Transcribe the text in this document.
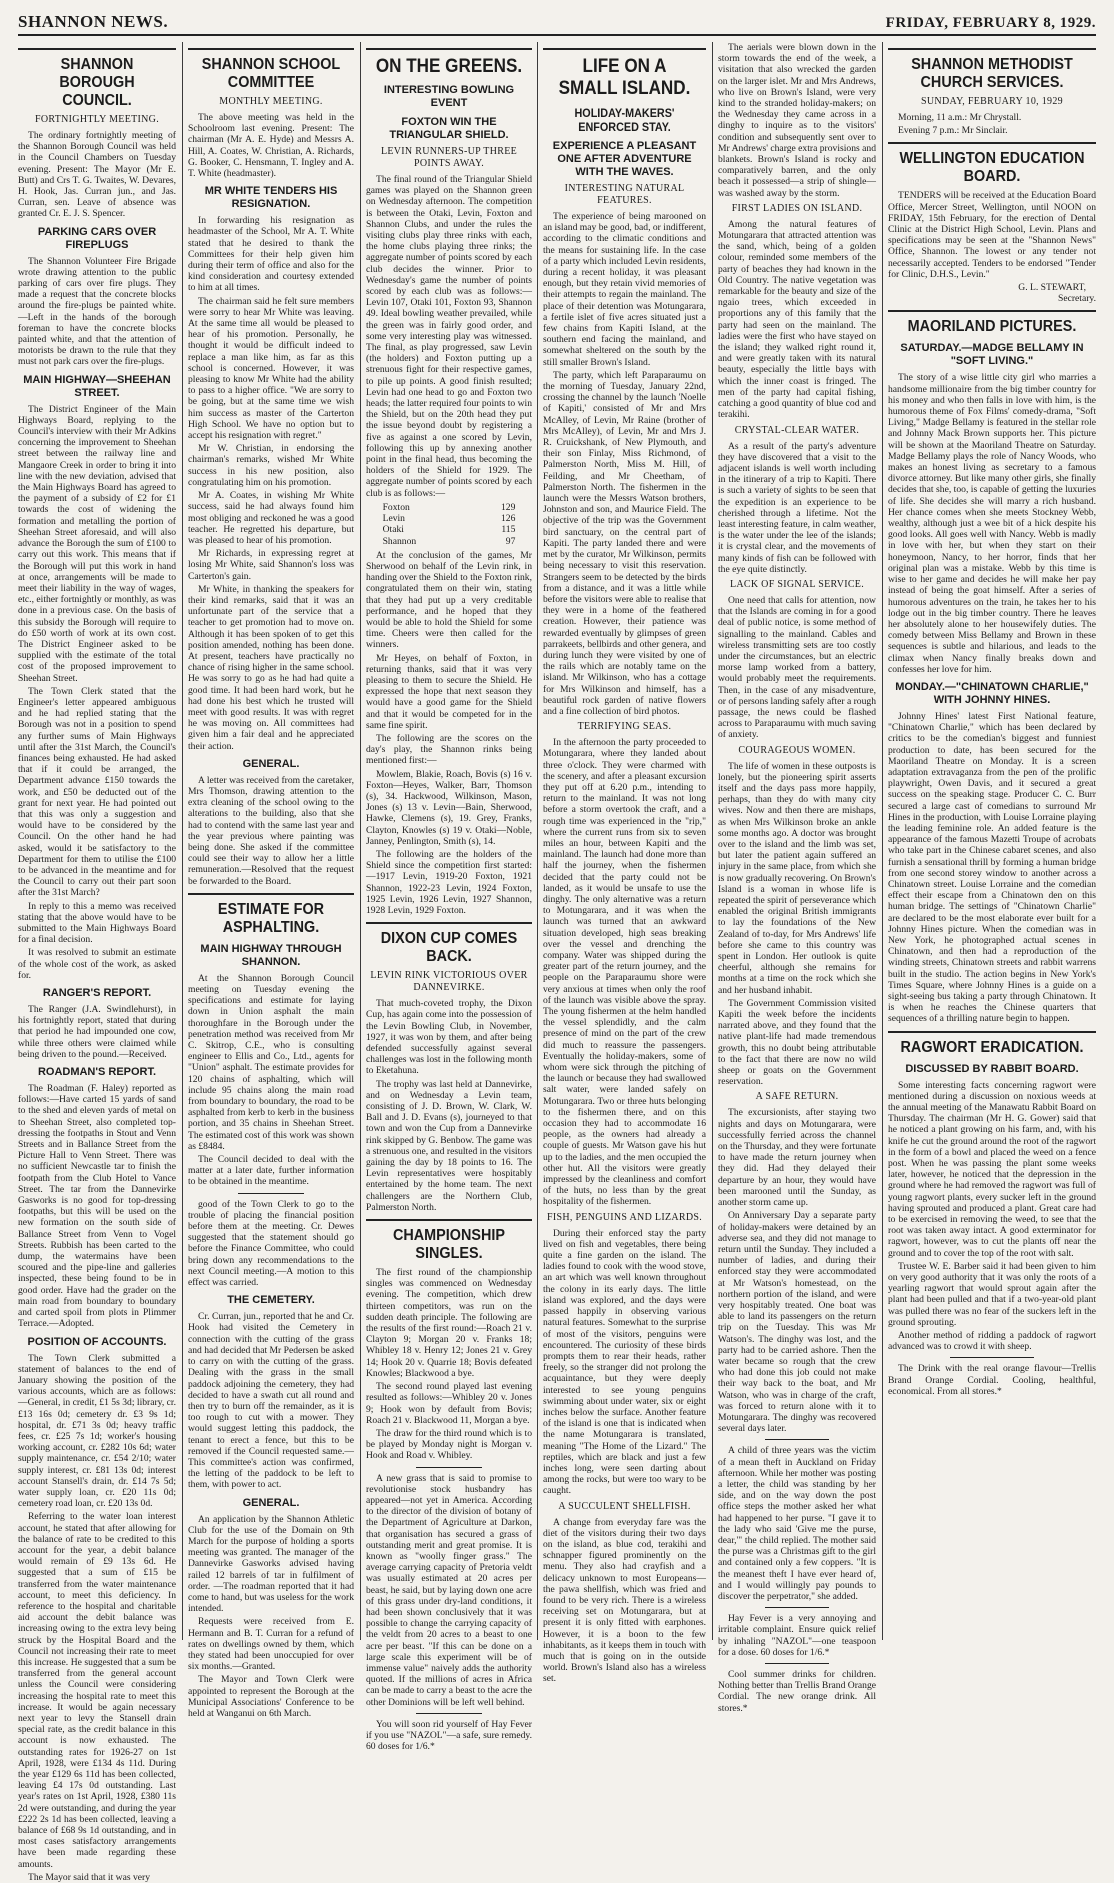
SHANNON NEWS.	FRIDAY, FEBRUARY 8, 1929.
SHANNON BOROUGH COUNCIL.
FORTNIGHTLY MEETING.

The ordinary fortnightly meeting of the Shannon Borough Council was held in the Council Chambers on Tuesday evening. Present: The Mayor (Mr E. Butt) and Crs T. G. Twaites, W. Devares, H. Hook, Jas. Curran jun., and Jas. Curran, sen. Leave of absence was granted Cr. E. J. S. Spencer.

PARKING CARS OVER FIREPLUGS

The Shannon Volunteer Fire Brigade wrote drawing attention to the public parking of cars over fire plugs. They made a request that the concrete blocks around the fire-plugs be painted white.—Left in the hands of the borough foreman to have the concrete blocks painted white, and that the attention of motorists be drawn to the rule that they must not park cars over the fire-plugs.

MAIN HIGHWAY—SHEEHAN STREET.

The District Engineer of the Main Highways Board, replying to the Council's interview with their Mr Adkins concerning the improvement to Sheehan street between the railway line and Mangaore Creek in order to bring it into line with the new deviation, advised that the Main Highways Board has agreed to the payment of a subsidy of £2 for £1 towards the cost of widening the formation and metalling the portion of Sheehan Street aforesaid, and will also advance the Borough the sum of £100 to carry out this work. This means that if the Borough will put this work in hand at once, arrangements will be made to meet their liability in the way of wages, etc., either fortnightly or monthly, as was done in a previous case. On the basis of this subsidy the Borough will require to do £50 worth of work at its own cost. The District Engineer asked to be supplied with the estimate of the total cost of the proposed improvement to Sheehan Street.

The Town Clerk stated that the Engineer's letter appeared ambiguous and he had replied stating that the Borough was not in a position to spend any further sums of Main Highways until after the 31st March, the Council's finances being exhausted. He had asked that if it could be arranged, the Department advance £150 towards the work, and £50 be deducted out of the grant for next year. He had pointed out that this was only a suggestion and would have to be considered by the Council. On the other hand he had asked, would it be satisfactory to the Department for them to utilise the £100 to be advanced in the meantime and for the Council to carry out their part soon after the 31st March?

In reply to this a memo was received stating that the above would have to be submitted to the Main Highways Board for a final decision.

It was resolved to submit an estimate of the whole cost of the work, as asked for.

RANGER'S REPORT.

The Ranger (J.A. Swindlehurst), in his fortnightly report, stated that during that period he had impounded one cow, while three others were claimed while being driven to the pound.—Received.

ROADMAN'S REPORT.

The Roadman (F. Haley) reported as follows:—Have carted 15 yards of sand to the shed and eleven yards of metal on to Sheehan Street, also completed top-dressing the footpaths in Stout and Venn Streets and in Ballance Street from the Picture Hall to Venn Street. There was no sufficient Newcastle tar to finish the footpath from the Club Hotel to Vance Street. The tar from the Dannevirke Gasworks is no good for top-dressing footpaths, but this will be used on the new formation on the south side of Ballance Street from Venn to Vogel Streets. Rubbish has been carted to the dump, the watermains have been scoured and the pipe-line and galleries inspected, these being found to be in good order. Have had the grader on the main road from boundary to boundary and carted spoil from plots in Plimmer Terrace.—Adopted.

POSITION OF ACCOUNTS.

The Town Clerk submitted a statement of balances to the end of January showing the position of the various accounts, which are as follows:—General, in credit, £1 5s 3d; library, cr. £13 16s 0d; cemetery dr. £3 9s 1d; hospital, dr. £71 3s 0d; heavy traffic fees, cr. £25 7s 1d; worker's housing working account, cr. £282 10s 6d; water supply maintenance, cr. £54 2/10; water supply interest, cr. £81 13s 0d; interest account Stansell's drain, dr. £14 7s 5d; water supply loan, cr. £20 11s 0d; cemetery road loan, cr. £20 13s 0d.

Referring to the water loan interest account, he stated that after allowing for the balance of rate to be credited to this account for the year, a debit balance would remain of £9 13s 6d. He suggested that a sum of £15 be transferred from the water maintenance account, to meet this deficiency. In reference to the hospital and charitable aid account the debit balance was increasing owing to the extra levy being struck by the Hospital Board and the Council not increasing their rate to meet this increase. He suggested that a sum be transferred from the general account unless the Council were considering increasing the hospital rate to meet this increase. It would be again necessary next year to levy the Stansell drain special rate, as the credit balance in this account is now exhausted. The outstanding rates for 1926-27 on 1st April, 1928, were £134 4s 11d. During the year £129 6s 11d has been collected, leaving £4 17s 0d outstanding. Last year's rates on 1st April, 1928, £380 11s 2d were outstanding, and during the year £222 2s 1d has been collected, leaving a balance of £68 9s 1d outstanding, and in most cases satisfactory arrangements have been made regarding these amounts.

The Mayor said that it was very

SHANNON SCHOOL COMMITTEE
MONTHLY MEETING.

The above meeting was held in the Schoolroom last evening. Present: The chairman (Mr A. E. Hyde) and Messrs A. Hill, A. Coates, W. Christian, A. Richards, G. Booker, C. Hensmann, T. Ingley and A. T. White (headmaster).

MR WHITE TENDERS HIS RESIGNATION.

In forwarding his resignation as headmaster of the School, Mr A. T. White stated that he desired to thank the Committees for their help given him during their term of office and also for the kind consideration and courtesy extended to him at all times.

The chairman said he felt sure members were sorry to hear Mr White was leaving. At the same time all would be pleased to hear of his promotion. Personally, he thought it would be difficult indeed to replace a man like him, as far as this school is concerned. However, it was pleasing to know Mr White had the ability to pass to a higher office. "We are sorry to be going, but at the same time we wish him success as master of the Carterton High School. We have no option but to accept his resignation with regret."

Mr W. Christian, in endorsing the chairman's remarks, wished Mr White success in his new position, also congratulating him on his promotion.

Mr A. Coates, in wishing Mr White success, said he had always found him most obliging and reckoned he was a good teacher. He regretted his departure, but was pleased to hear of his promotion.

Mr Richards, in expressing regret at losing Mr White, said Shannon's loss was Carterton's gain.

Mr White, in thanking the speakers for their kind remarks, said that it was an unfortunate part of the service that a teacher to get promotion had to move on. Although it has been spoken of to get this position amended, nothing has been done. At present, teachers have practically no chance of rising higher in the same school. He was sorry to go as he had had quite a good time. It had been hard work, but he had done his best which he trusted will meet with good results. It was with regret he was moving on. All committees had given him a fair deal and he appreciated their action.

GENERAL.

A letter was received from the caretaker, Mrs Thomson, drawing attention to the extra cleaning of the school owing to the alterations to the building, also that she had to contend with the same last year and the year previous where painting was being done. She asked if the committee could see their way to allow her a little remuneration.—Resolved that the request be forwarded to the Board.

ESTIMATE FOR ASPHALTING.
MAIN HIGHWAY THROUGH SHANNON.

At the Shannon Borough Council meeting on Tuesday evening the specifications and estimate for laying down in Union asphalt the main thoroughfare in the Borough under the penetration method was received from Mr C. Skitrop, C.E., who is consulting engineer to Ellis and Co., Ltd., agents for "Union" asphalt. The estimate provides for 120 chains of asphalting, which will include 95 chains along the main road from boundary to boundary, the road to be asphalted from kerb to kerb in the business portion, and 35 chains in Sheehan Street. The estimated cost of this work was shown as £8484.

The Council decided to deal with the matter at a later date, further information to be obtained in the meantime.

good of the Town Clerk to go to the trouble of placing the financial position before them at the meeting. Cr. Dewes suggested that the statement should go before the Finance Committee, who could bring down any recommendations to the next Council meeting.—A motion to this effect was carried.

THE CEMETERY.

Cr. Curran, jun., reported that he and Cr. Hook had visited the Cemetery in connection with the cutting of the grass and had decided that Mr Pedersen be asked to carry on with the cutting of the grass. Dealing with the grass in the small paddock adjoining the cemetery, they had decided to have a swath cut all round and then try to burn off the remainder, as it is too rough to cut with a mower. They would suggest letting this paddock, the tenant to erect a fence, but this to be removed if the Council requested same.—This committee's action was confirmed, the letting of the paddock to be left to them, with power to act.

GENERAL.

An application by the Shannon Athletic Club for the use of the Domain on 9th March for the purpose of holding a sports meeting was granted. The manager of the Dannevirke Gasworks advised having railed 12 barrels of tar in fulfilment of order. —The roadman reported that it had come to hand, but was useless for the work intended.

Requests were received from E. Hermann and B. T. Curran for a refund of rates on dwellings owned by them, which they stated had been unoccupied for over six months.—Granted.

The Mayor and Town Clerk were appointed to represent the Borough at the Municipal Associations' Conference to be held at Wanganui on 6th March.

ON THE GREENS.
INTERESTING BOWLING EVENT
FOXTON WIN THE TRIANGULAR SHIELD.
LEVIN RUNNERS-UP THREE POINTS AWAY.

The final round of the Triangular Shield games was played on the Shannon green on Wednesday afternoon. The competition is between the Otaki, Levin, Foxton and Shannon Clubs, and under the rules the visiting clubs play three rinks with each, the home clubs playing three rinks; the aggregate number of points scored by each club decides the winner. Prior to Wednesday's game the number of points scored by each club was as follows:—Levin 107, Otaki 101, Foxton 93, Shannon 49. Ideal bowling weather prevailed, while the green was in fairly good order, and some very interesting play was witnessed. The final, as play progressed, saw Levin (the holders) and Foxton putting up a strenuous fight for their respective games, to pile up points. A good finish resulted; Levin had one head to go and Foxton two heads; the latter required four points to win the Shield, but on the 20th head they put the issue beyond doubt by registering a five as against a one scored by Levin, following this up by annexing another point in the final head, thus becoming the holders of the Shield for 1929. The aggregate number of points scored by each club is as follows:—

Foxton	129
Levin	126
Otaki	115
Shannon	97

At the conclusion of the games, Mr Sherwood on behalf of the Levin rink, in handing over the Shield to the Foxton rink, congratulated them on their win, stating that they had put up a very creditable performance, and he hoped that they would be able to hold the Shield for some time. Cheers were then called for the winners.

Mr Heyes, on behalf of Foxton, in returning thanks, said that it was very pleasing to them to secure the Shield. He expressed the hope that next season they would have a good game for the Shield and that it would be competed for in the same fine spirit.

The following are the scores on the day's play, the Shannon rinks being mentioned first:—

Mowlem, Blakie, Roach, Bovis (s) 16 v. Foxton—Heyes, Walker, Barr, Thomson (s), 34. Hackwood, Wilkinson, Mason, Jones (s) 13 v. Levin—Bain, Sherwood, Hawke, Clemens (s), 19. Grey, Franks, Clayton, Knowles (s) 19 v. Otaki—Noble, Janney, Penlington, Smith (s), 14.

The following are the holders of the Shield since the competition first started:—1917 Levin, 1919-20 Foxton, 1921 Shannon, 1922-23 Levin, 1924 Foxton, 1925 Levin, 1926 Levin, 1927 Shannon, 1928 Levin, 1929 Foxton.

DIXON CUP COMES BACK.
LEVIN RINK VICTORIOUS OVER DANNEVIRKE.

That much-coveted trophy, the Dixon Cup, has again come into the possession of the Levin Bowling Club, in November, 1927, it was won by them, and after being defended successfully against several challenges was lost in the following month to Eketahuna.

The trophy was last held at Dannevirke, and on Wednesday a Levin team, consisting of J. D. Brown, W. Clark, W. Ball and J. D. Evans (s), journeyed to that town and won the Cup from a Dannevirke rink skipped by G. Benbow. The game was a strenuous one, and resulted in the visitors gaining the day by 18 points to 16. The Levin representatives were hospitably entertained by the home team. The next challengers are the Northern Club, Palmerston North.

CHAMPIONSHIP SINGLES.

The first round of the championship singles was commenced on Wednesday evening. The competition, which drew thirteen competitors, was run on the sudden death principle. The following are the results of the first round:—Roach 21 v. Clayton 9; Morgan 20 v. Franks 18; Whibley 18 v. Henry 12; Jones 21 v. Grey 14; Hook 20 v. Quarrie 18; Bovis defeated Knowles; Blackwood a bye.

The second round played last evening resulted as follows:—Whibley 20 v. Jones 9; Hook won by default from Bovis; Roach 21 v. Blackwood 11, Morgan a bye.

The draw for the third round which is to be played by Monday night is Morgan v. Hook and Road v. Whibley.

A new grass that is said to promise to revolutionise stock husbandry has appeared—not yet in America. According to the director of the division of botany of the Department of Agriculture at Darkon, that organisation has secured a grass of outstanding merit and great promise. It is known as "woolly finger grass." The average carrying capacity of Pretoria veldt was usually estimated at 20 acres per beast, he said, but by laying down one acre of this grass under dry-land conditions, it had been shown conclusively that it was possible to change the carrying capacity of the veldt from 20 acres to a beast to one acre per beast. "If this can be done on a large scale this experiment will be of immense value" naively adds the authority quoted. If the millions of acres in Africa can be made to carry a beast to the acre the other Dominions will be left well behind.

You will soon rid yourself of Hay Fever if you use "NAZOL"—a safe, sure remedy. 60 doses for 1/6.*

LIFE ON A SMALL ISLAND.
HOLIDAY-MAKERS' ENFORCED STAY.
EXPERIENCE A PLEASANT ONE AFTER ADVENTURE WITH THE WAVES.
INTERESTING NATURAL FEATURES.

The experience of being marooned on an island may be good, bad, or indifferent, according to the climatic conditions and the means for sustaining life. In the case of a party which included Levin residents, during a recent holiday, it was pleasant enough, but they retain vivid memories of their attempts to regain the mainland. The place of their detention was Motungarara, a fertile islet of five acres situated just a few chains from Kapiti Island, at the southern end facing the mainland, and somewhat sheltered on the south by the still smaller Brown's Island.

The party, which left Paraparaumu on the morning of Tuesday, January 22nd, crossing the channel by the launch 'Noelle of Kapiti,' consisted of Mr and Mrs McAlley, of Levin, Mr Raine (brother of Mrs McAlley), of Levin, Mr and Mrs J. R. Cruickshank, of New Plymouth, and their son Finlay, Miss Richmond, of Palmerston North, Miss M. Hill, of Feilding, and Mr Cheetham, of Palmerston North. The fishermen in the launch were the Messrs Watson brothers, Johnston and son, and Maurice Field. The objective of the trip was the Government bird sanctuary, on the central part of Kapiti. The party landed there and were met by the curator, Mr Wilkinson, permits being necessary to visit this reservation. Strangers seem to be detected by the birds from a distance, and it was a little while before the visitors were able to realise that they were in a home of the feathered creation. However, their patience was rewarded eventually by glimpses of green parrakeets, bellbirds and other genera, and during lunch they were visited by one of the rails which are notably tame on the island. Mr Wilkinson, who has a cottage for Mrs Wilkinson and himself, has a beautiful rock garden of native flowers and a fine collection of bird photos.

TERRIFYING SEAS.

In the afternoon the party proceeded to Motungarara, where they landed about three o'clock. They were charmed with the scenery, and after a pleasant excursion they put off at 6.20 p.m., intending to return to the mainland. It was not long before a storm overtook the craft, and a rough time was experienced in the "rip," where the current runs from six to seven miles an hour, between Kapiti and the mainland. The launch had done more than half the journey, when the fishermen decided that the party could not be landed, as it would be unsafe to use the dinghy. The only alternative was a return to Motungarara, and it was when the launch was turned that an awkward situation developed, high seas breaking over the vessel and drenching the company. Water was shipped during the greater part of the return journey, and the people on the Paraparaumu shore were very anxious at times when only the roof of the launch was visible above the spray. The young fishermen at the helm handled the vessel splendidly, and the calm presence of mind on the part of the crew did much to reassure the passengers. Eventually the holiday-makers, some of whom were sick through the pitching of the launch or because they had swallowed salt water, were landed safely on Motungarara. Two or three huts belonging to the fishermen there, and on this occasion they had to accommodate 16 people, as the owners had already a couple of guests. Mr Watson gave his hut up to the ladies, and the men occupied the other hut. All the visitors were greatly impressed by the cleanliness and comfort of the huts, no less than by the great hospitality of the fishermen.

FISH, PENGUINS AND LIZARDS.

During their enforced stay the party lived on fish and vegetables, there being quite a fine garden on the island. The ladies found to cook with the wood stove, an art which was well known throughout the colony in its early days. The little island was explored, and the days were passed happily in observing various natural features. Somewhat to the surprise of most of the visitors, penguins were encountered. The curiosity of these birds prompts them to rear their heads, rather freely, so the stranger did not prolong the acquaintance, but they were deeply interested to see young penguins swimming about under water, six or eight inches below the surface. Another feature of the island is one that is indicated when the name Motungarara is translated, meaning "The Home of the Lizard." The reptiles, which are black and just a few inches long, were seen darting about among the rocks, but were too wary to be caught.

A SUCCULENT SHELLFISH.

A change from everyday fare was the diet of the visitors during their two days on the island, as blue cod, terakihi and schnapper figured prominently on the menu. They also had crayfish and a delicacy unknown to most Europeans—the pawa shellfish, which was fried and found to be very rich. There is a wireless receiving set on Motungarara, but at present it is only fitted with earphones. However, it is a boon to the few inhabitants, as it keeps them in touch with much that is going on in the outside world. Brown's Island also has a wireless set.

The aerials were blown down in the storm towards the end of the week, a visitation that also wrecked the garden on the larger islet. Mr and Mrs Andrews, who live on Brown's Island, were very kind to the stranded holiday-makers; on the Wednesday they came across in a dinghy to inquire as to the visitors' condition and subsequently sent over to Mr Andrews' charge extra provisions and blankets. Brown's Island is rocky and comparatively barren, and the only beach it possessed—a strip of shingle—was washed away by the storm.

FIRST LADIES ON ISLAND.

Among the natural features of Motungarara that attracted attention was the sand, which, being of a golden colour, reminded some members of the party of beaches they had known in the Old Country. The native vegetation was remarkable for the beauty and size of the ngaio trees, which exceeded in proportions any of this family that the party had seen on the mainland. The ladies were the first who have stayed on the island; they walked right round it, and were greatly taken with its natural beauty, especially the little bays with which the inner coast is fringed. The men of the party had capital fishing, catching a good quantity of blue cod and terakihi.

CRYSTAL-CLEAR WATER.

As a result of the party's adventure they have discovered that a visit to the adjacent islands is well worth including in the itinerary of a trip to Kapiti. There is such a variety of sights to be seen that the expedition is an experience to be cherished through a lifetime. Not the least interesting feature, in calm weather, is the water under the lee of the islands; it is crystal clear, and the movements of many kinds of fish can be followed with the eye quite distinctly.

LACK OF SIGNAL SERVICE.

One need that calls for attention, now that the Islands are coming in for a good deal of public notice, is some method of signalling to the mainland. Cables and wireless transmitting sets are too costly under the circumstances, but an electric morse lamp worked from a battery, would probably meet the requirements. Then, in the case of any misadventure, or of persons landing safely after a rough passage, the news could be flashed across to Paraparaumu with much saving of anxiety.

COURAGEOUS WOMEN.

The life of women in these outposts is lonely, but the pioneering spirit asserts itself and the days pass more happily, perhaps, than they do with many city wives. Now and then there are mishaps, as when Mrs Wilkinson broke an ankle some months ago. A doctor was brought over to the island and the limb was set, but later the patient again suffered an injury in the same place, from which she is now gradually recovering. On Brown's Island is a woman in whose life is repeated the spirit of perseverance which enabled the original British immigrants to lay the foundations of the New Zealand of to-day, for Mrs Andrews' life before she came to this country was spent in London. Her outlook is quite cheerful, although she remains for months at a time on the rock which she and her husband inhabit.

The Government Commission visited Kapiti the week before the incidents narrated above, and they found that the native plant-life had made tremendous growth, this no doubt being attributable to the fact that there are now no wild sheep or goats on the Government reservation.

A SAFE RETURN.

The excursionists, after staying two nights and days on Motungarara, were successfully ferried across the channel on the Thursday, and they were fortunate to have made the return journey when they did. Had they delayed their departure by an hour, they would have been marooned until the Sunday, as another storm came up.

On Anniversary Day a separate party of holiday-makers were detained by an adverse sea, and they did not manage to return until the Sunday. They included a number of ladies, and during their enforced stay they were accommodated at Mr Watson's homestead, on the northern portion of the island, and were very hospitably treated. One boat was able to land its passengers on the return trip on the Tuesday. This was Mr Watson's. The dinghy was lost, and the party had to be carried ashore. Then the water became so rough that the crew who had done this job could not make their way back to the boat, and Mr Watson, who was in charge of the craft, was forced to return alone with it to Motungarara. The dinghy was recovered several days later.

A child of three years was the victim of a mean theft in Auckland on Friday afternoon. While her mother was posting a letter, the child was standing by her side, and on the way down the post office steps the mother asked her what had happened to her purse. "I gave it to the lady who said 'Give me the purse, dear,'" the child replied. The mother said the purse was a Christmas gift to the girl and contained only a few coppers. "It is the meanest theft I have ever heard of, and I would willingly pay pounds to discover the perpetrator," she added.

Hay Fever is a very annoying and irritable complaint. Ensure quick relief by inhaling "NAZOL"—one teaspoon for a dose. 60 doses for 1/6.*

Cool summer drinks for children. Nothing better than Trellis Brand Orange Cordial. The new orange drink. All stores.*

SHANNON METHODIST CHURCH SERVICES.
SUNDAY, FEBRUARY 10, 1929

Morning, 11 a.m.: Mr Chrystall.

Evening 7 p.m.: Mr Sinclair.

WELLINGTON EDUCATION BOARD.

TENDERS will be received at the Education Board Office, Mercer Street, Wellington, until NOON on FRIDAY, 15th February, for the erection of Dental Clinic at the District High School, Levin. Plans and specifications may be seen at the "Shannon News" Office, Shannon. The lowest or any tender not necessarily accepted. Tenders to be endorsed "Tender for Clinic, D.H.S., Levin."

G. L. STEWART,
Secretary.
MAORILAND PICTURES.
SATURDAY.—MADGE BELLAMY IN "SOFT LIVING."

The story of a wise little city girl who marries a handsome millionaire from the big timber country for his money and who then falls in love with him, is the humorous theme of Fox Films' comedy-drama, "Soft Living," Madge Bellamy is featured in the stellar role and Johnny Mack Brown supports her. This picture will be shown at the Maoriland Theatre on Saturday. Madge Bellamy plays the role of Nancy Woods, who makes an honest living as secretary to a famous divorce attorney. But like many other girls, she finally decides that she, too, is capable of getting the luxuries of life. She decides she will marry a rich husband. Her chance comes when she meets Stockney Webb, wealthy, although just a wee bit of a hick despite his good looks. All goes well with Nancy. Webb is madly in love with her, but when they start on their honeymoon, Nancy, to her horror, finds that her original plan was a mistake. Webb by this time is wise to her game and decides he will make her pay instead of being the goat himself. After a series of humorous adventures on the train, he takes her to his lodge out in the big timber country. There he leaves her absolutely alone to her housewifely duties. The comedy between Miss Bellamy and Brown in these sequences is subtle and hilarious, and leads to the climax when Nancy finally breaks down and confesses her love for him.

MONDAY.—"CHINATOWN CHARLIE," WITH JOHNNY HINES.

Johnny Hines' latest First National feature, "Chinatown Charlie," which has been declared by critics to be the comedian's biggest and funniest production to date, has been secured for the Maoriland Theatre on Monday. It is a screen adaptation extravaganza from the pen of the prolific playwright, Owen Davis, and it secured a great success on the speaking stage. Producer C. C. Burr secured a large cast of comedians to surround Mr Hines in the production, with Louise Lorraine playing the leading feminine role. An added feature is the appearance of the famous Mazetti Troupe of acrobats who take part in the Chinese cabaret scenes, and also furnish a sensational thrill by forming a human bridge from one second storey window to another across a Chinatown street. Louise Lorraine and the comedian effect their escape from a Chinatown den on this human bridge. The settings of "Chinatown Charlie" are declared to be the most elaborate ever built for a Johnny Hines picture. When the comedian was in New York, he photographed actual scenes in Chinatown, and then had a reproduction of the winding streets, Chinatown streets and rabbit warrens built in the studio. The action begins in New York's Times Square, where Johnny Hines is a guide on a sight-seeing bus taking a party through Chinatown. It is when he reaches the Chinese quarters that sequences of a thrilling nature begin to happen.

RAGWORT ERADICATION.
DISCUSSED BY RABBIT BOARD.

Some interesting facts concerning ragwort were mentioned during a discussion on noxious weeds at the annual meeting of the Manawatu Rabbit Board on Thursday. The chairman (Mr H. G. Gower) said that he noticed a plant growing on his farm, and, with his knife he cut the ground around the root of the ragwort in the form of a bowl and placed the weed on a fence post. When he was passing the plant some weeks later, however, he noticed that the depression in the ground where he had removed the ragwort was full of young ragwort plants, every sucker left in the ground having sprouted and produced a plant. Great care had to be exercised in removing the weed, to see that the root was taken away intact. A good exterminator for ragwort, however, was to cut the plants off near the ground and to cover the top of the root with salt.

Trustee W. E. Barber said it had been given to him on very good authority that it was only the roots of a yearling ragwort that would sprout again after the plant had been pulled and that if a two-year-old plant was pulled there was no fear of the suckers left in the ground sprouting.

Another method of ridding a paddock of ragwort advanced was to crowd it with sheep.

The Drink with the real orange flavour—Trellis Brand Orange Cordial. Cooling, healthful, economical. From all stores.*
